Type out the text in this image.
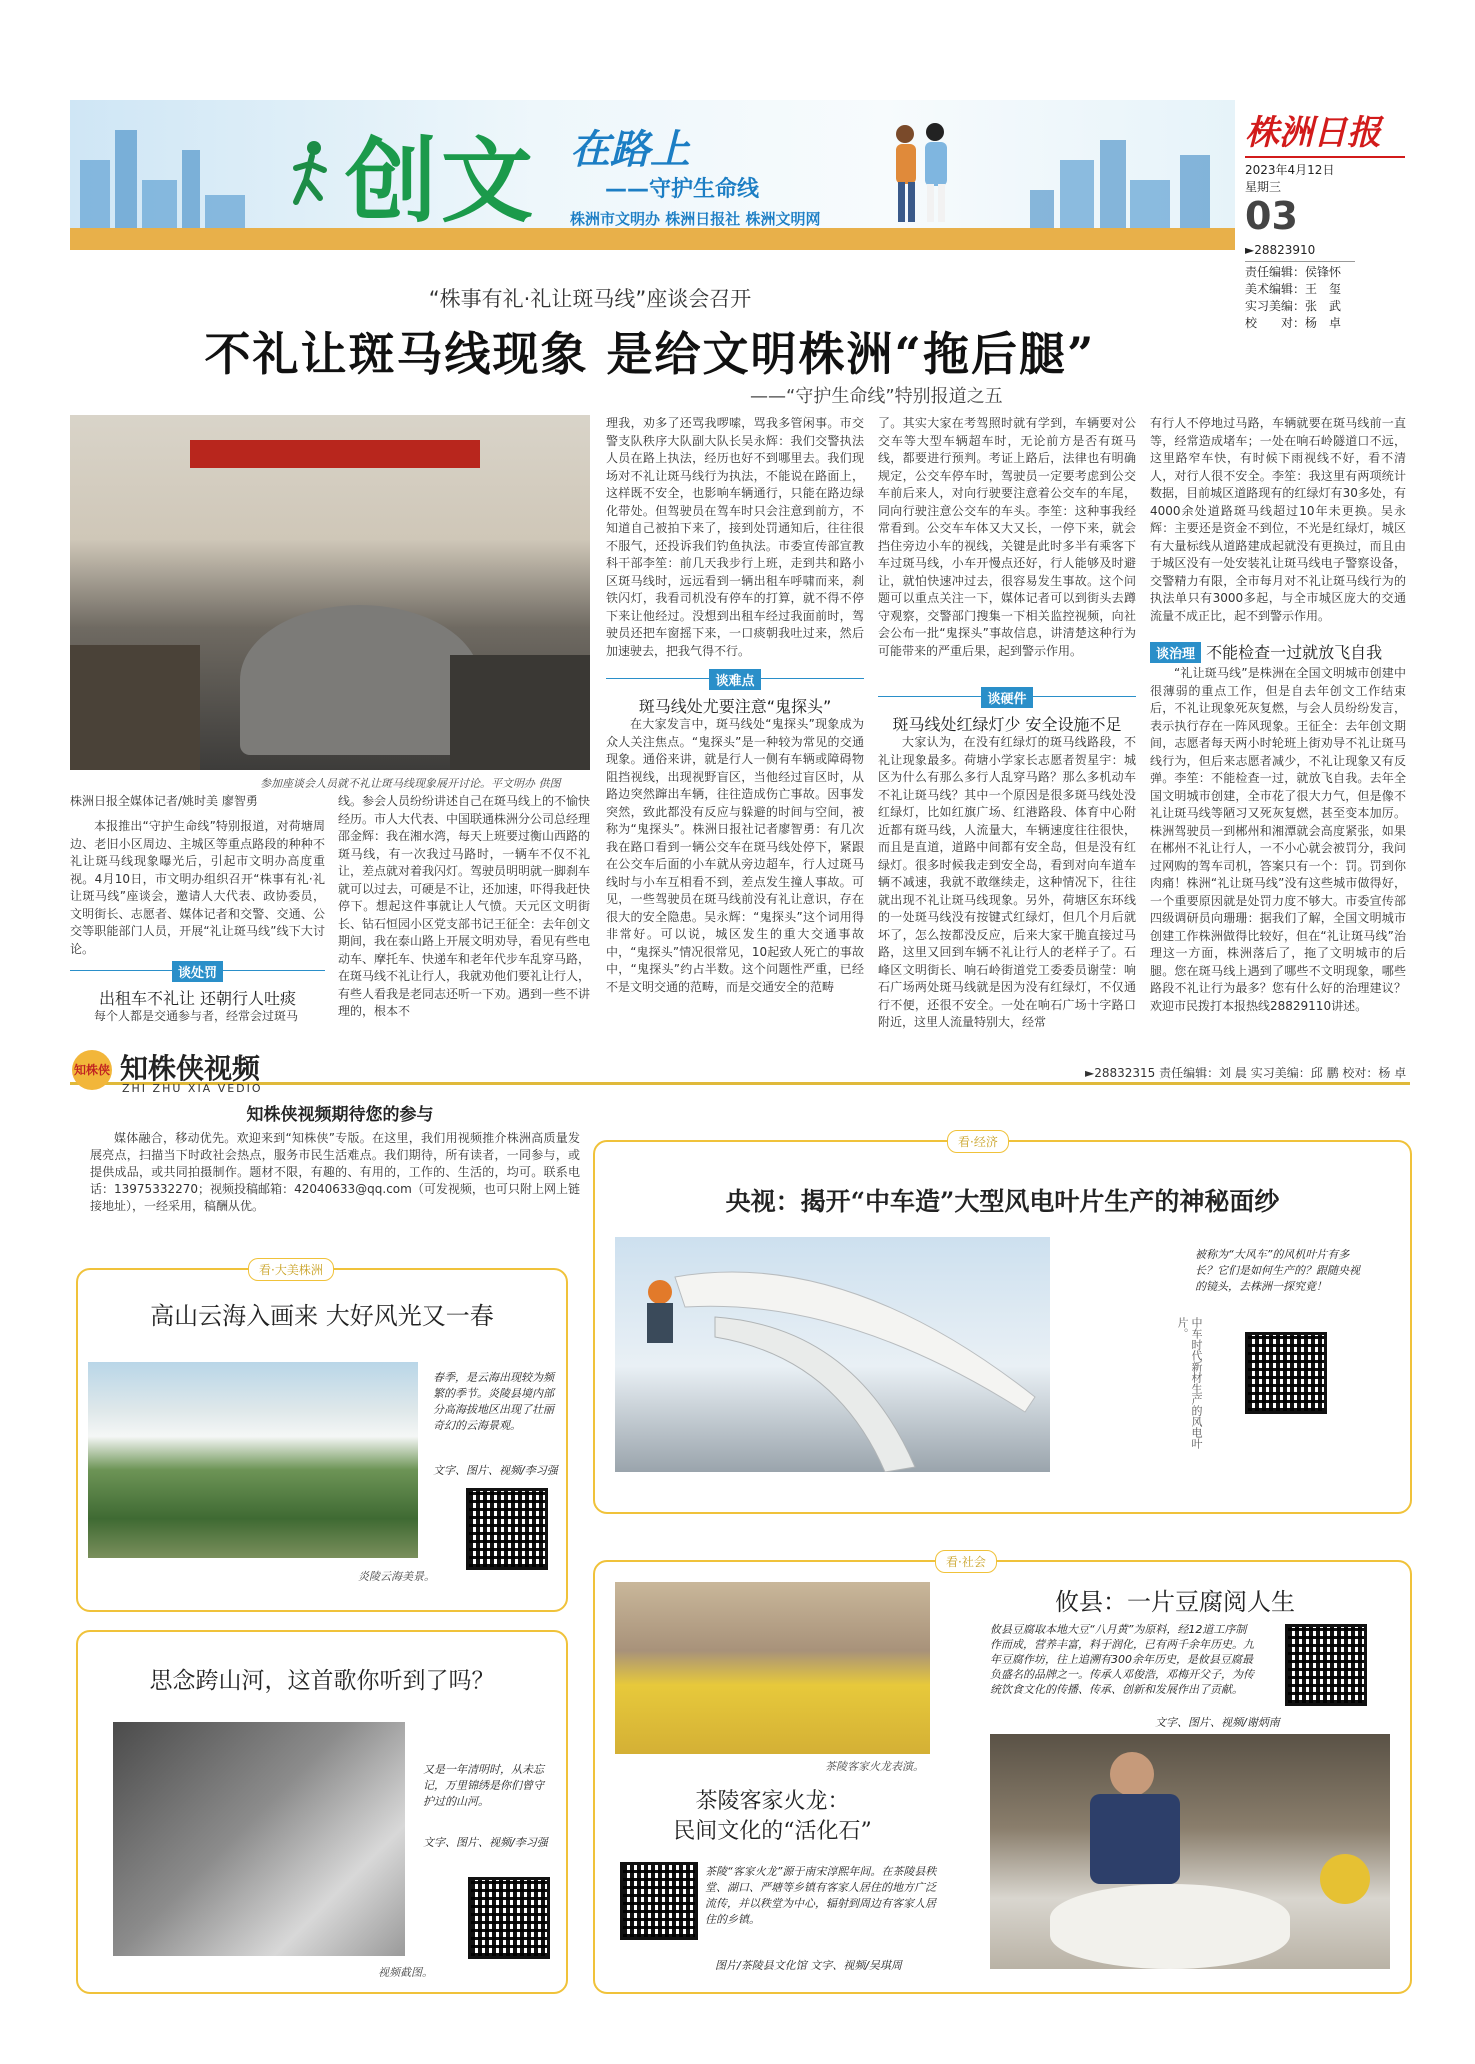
创文 在路上
——守护生命线
株洲市文明办 株洲日报社 株洲文明网
株洲日报
2023年4月12日
星期三
03
►28823910
责任编辑：侯锋怀
美术编辑：王　玺
实习美编：张　武
校　　对：杨　卓
“株事有礼·礼让斑马线”座谈会召开
不礼让斑马线现象 是给文明株洲“拖后腿”
——“守护生命线”特别报道之五
参加座谈会人员就不礼让斑马线现象展开讨论。平文明办 供图
株洲日报全媒体记者/姚时美 廖智勇
本报推出“守护生命线”特别报道，对荷塘周边、老旧小区周边、主城区等重点路段的种种不礼让斑马线现象曝光后，引起市文明办高度重视。4月10日，市文明办组织召开“株事有礼·礼让斑马线”座谈会，邀请人大代表、政协委员，文明街长、志愿者、媒体记者和交警、交通、公交等职能部门人员，开展“礼让斑马线”线下大讨论。
谈处罚
出租车不礼让 还朝行人吐痰
每个人都是交通参与者，经常会过斑马
线。参会人员纷纷讲述自己在斑马线上的不愉快经历。市人大代表、中国联通株洲分公司总经理邵金辉：我在湘水湾，每天上班要过衡山西路的斑马线，有一次我过马路时，一辆车不仅不礼让，差点就对着我闪灯。驾驶员明明就一脚刹车就可以过去，可硬是不让，还加速，吓得我赶快停下。想起这件事就让人气愤。天元区文明街长、钻石恒园小区党支部书记王征全：去年创文期间，我在泰山路上开展文明劝导，看见有些电动车、摩托车、快递车和老年代步车乱穿马路，在斑马线不礼让行人，我就劝他们要礼让行人，有些人看我是老同志还听一下劝。遇到一些不讲理的，根本不
理我，劝多了还骂我啰嗦，骂我多管闲事。市交警支队秩序大队副大队长吴永辉：我们交警执法人员在路上执法，经历也好不到哪里去。我们现场对不礼让斑马线行为执法，不能说在路面上，这样既不安全，也影响车辆通行，只能在路边绿化带处。但驾驶员在驾车时只会注意到前方，不知道自己被拍下来了，接到处罚通知后，往往很不服气，还投诉我们钓鱼执法。市委宣传部宣教科干部李笙：前几天我步行上班，走到共和路小区斑马线时，远远看到一辆出租车呼啸而来，刹铁闪灯，我看司机没有停车的打算，就不得不停下来让他经过。没想到出租车经过我面前时，驾驶员还把车窗摇下来，一口痰朝我吐过来，然后加速驶去，把我气得不行。
谈难点
斑马线处尤要注意“鬼探头”
在大家发言中，斑马线处“鬼探头”现象成为众人关注焦点。“鬼探头”是一种较为常见的交通现象。通俗来讲，就是行人一侧有车辆或障碍物阻挡视线，出现视野盲区，当他经过盲区时，从路边突然蹿出车辆，往往造成伤亡事故。因事发突然，致此都没有反应与躲避的时间与空间，被称为“鬼探头”。株洲日报社记者廖智勇：有几次我在路口看到一辆公交车在斑马线处停下，紧跟在公交车后面的小车就从旁边超车，行人过斑马线时与小车互相看不到，差点发生撞人事故。可见，一些驾驶员在斑马线前没有礼让意识，存在很大的安全隐患。吴永辉：“鬼探头”这个词用得非常好。可以说，城区发生的重大交通事故中，“鬼探头”情况很常见，10起致人死亡的事故中，“鬼探头”约占半数。这个问题性严重，已经不是文明交通的范畴，而是交通安全的范畴
了。其实大家在考驾照时就有学到，车辆要对公交车等大型车辆超车时，无论前方是否有斑马线，都要进行预判。考证上路后，法律也有明确规定，公交车停车时，驾驶员一定要考虑到公交车前后来人，对向行驶要注意着公交车的车尾，同向行驶注意公交车的车头。李笙：这种事我经常看到。公交车车体又大又长，一停下来，就会挡住旁边小车的视线，关键是此时多半有乘客下车过斑马线，小车开慢点还好，行人能够及时避让，就怕快速冲过去，很容易发生事故。这个问题可以重点关注一下，媒体记者可以到街头去蹲守观察，交警部门搜集一下相关监控视频，向社会公布一批“鬼探头”事故信息，讲清楚这种行为可能带来的严重后果，起到警示作用。
谈硬件
斑马线处红绿灯少 安全设施不足
大家认为，在没有红绿灯的斑马线路段，不礼让现象最多。荷塘小学家长志愿者贺星宇：城区为什么有那么多行人乱穿马路？那么多机动车不礼让斑马线？其中一个原因是很多斑马线处没红绿灯，比如红旗广场、红港路段、体育中心附近都有斑马线，人流量大，车辆速度往往很快，而且是直道，道路中间都有安全岛，但是没有红绿灯。很多时候我走到安全岛，看到对向车道车辆不减速，我就不敢继续走，这种情况下，往往就出现不礼让斑马线现象。另外，荷塘区东环线的一处斑马线没有按键式红绿灯，但几个月后就坏了，怎么按都没反应，后来大家干脆直接过马路，这里又回到车辆不礼让行人的老样子了。石峰区文明街长、响石岭街道党工委委员谢莹：响石广场两处斑马线就是因为没有红绿灯，不仅通行不便，还很不安全。一处在响石广场十字路口附近，这里人流量特别大，经常
有行人不停地过马路，车辆就要在斑马线前一直等，经常造成堵车；一处在响石岭隧道口不远，这里路窄车快，有时候下雨视线不好，看不清人，对行人很不安全。李笙：我这里有两项统计数据，目前城区道路现有的红绿灯有30多处，有4000余处道路斑马线超过10年未更换。吴永辉：主要还是资金不到位，不光是红绿灯，城区有大量标线从道路建成起就没有更换过，而且由于城区没有一处安装礼让斑马线电子警察设备，交警精力有限，全市每月对不礼让斑马线行为的执法单只有3000多起，与全市城区庞大的交通流量不成正比，起不到警示作用。
谈治理 不能检查一过就放飞自我
“礼让斑马线”是株洲在全国文明城市创建中很薄弱的重点工作，但是自去年创文工作结束后，不礼让现象死灰复燃，与会人员纷纷发言，表示执行存在一阵风现象。王征全：去年创文期间，志愿者每天两小时轮班上街劝导不礼让斑马线行为，但后来志愿者减少，不礼让现象又有反弹。李笙：不能检查一过，就放飞自我。去年全国文明城市创建，全市花了很大力气，但是像不礼让斑马线等陋习又死灰复燃，甚至变本加厉。株洲驾驶员一到郴州和湘潭就会高度紧张，如果在郴州不礼让行人，一不小心就会被罚分，我问过网购的驾车司机，答案只有一个：罚。罚到你肉痛！株洲“礼让斑马线”没有这些城市做得好，一个重要原因就是处罚力度不够大。市委宣传部四级调研员向珊珊：据我们了解，全国文明城市创建工作株洲做得比较好，但在“礼让斑马线”治理这一方面，株洲落后了，拖了文明城市的后腿。您在斑马线上遇到了哪些不文明现象，哪些路段不礼让行为最多？您有什么好的治理建议？欢迎市民拨打本报热线28829110讲述。
知株侠 知株侠视频
ZHI ZHU XIA VEDIO
►28832315 责任编辑：刘 晨 实习美编：邱 鹏 校对：杨 卓
知株侠视频期待您的参与
媒体融合，移动优先。欢迎来到“知株侠”专版。在这里，我们用视频推介株洲高质量发展亮点，扫描当下时政社会热点，服务市民生活难点。我们期待，所有读者，一同参与，或提供成品，或共同拍摄制作。题材不限，有趣的、有用的，工作的、生活的，均可。联系电话：13975332270；视频投稿邮箱：42040633@qq.com（可发视频，也可只附上网上链接地址），一经采用，稿酬从优。
看·大美株洲
高山云海入画来 大好风光又一春
春季，是云海出现较为频繁的季节。炎陵县境内部分高海拔地区出现了壮丽奇幻的云海景观。
文字、图片、视频/李习强
炎陵云海美景。
思念跨山河，这首歌你听到了吗？
又是一年清明时，从未忘记，万里锦绣是你们曾守护过的山河。
文字、图片、视频/李习强
视频截图。
看·经济
央视：揭开“中车造”大型风电叶片生产的神秘面纱
被称为“大风车”的风机叶片有多长？它们是如何生产的？跟随央视的镜头，去株洲一探究竟！
中车时代新材生产的风电叶片。
看·社会
茶陵客家火龙表演。
茶陵客家火龙：
民间文化的“活化石”
茶陵“客家火龙”源于南宋淳熙年间。在茶陵县秩堂、湖口、严塘等乡镇有客家人居住的地方广泛流传，并以秩堂为中心，辐射到周边有客家人居住的乡镇。
图片/茶陵县文化馆 文字、视频/吴琪周
攸县：一片豆腐阅人生
攸县豆腐取本地大豆“八月黄”为原料，经12道工序制作而成，营养丰富，料于润化，已有两千余年历史。九年豆腐作坊，往上追溯有300余年历史，是攸县豆腐最负盛名的品牌之一。传承人邓俊浩，邓梅开父子，为传统饮食文化的传播、传承、创新和发展作出了贡献。
文字、图片、视频/谢炳南
